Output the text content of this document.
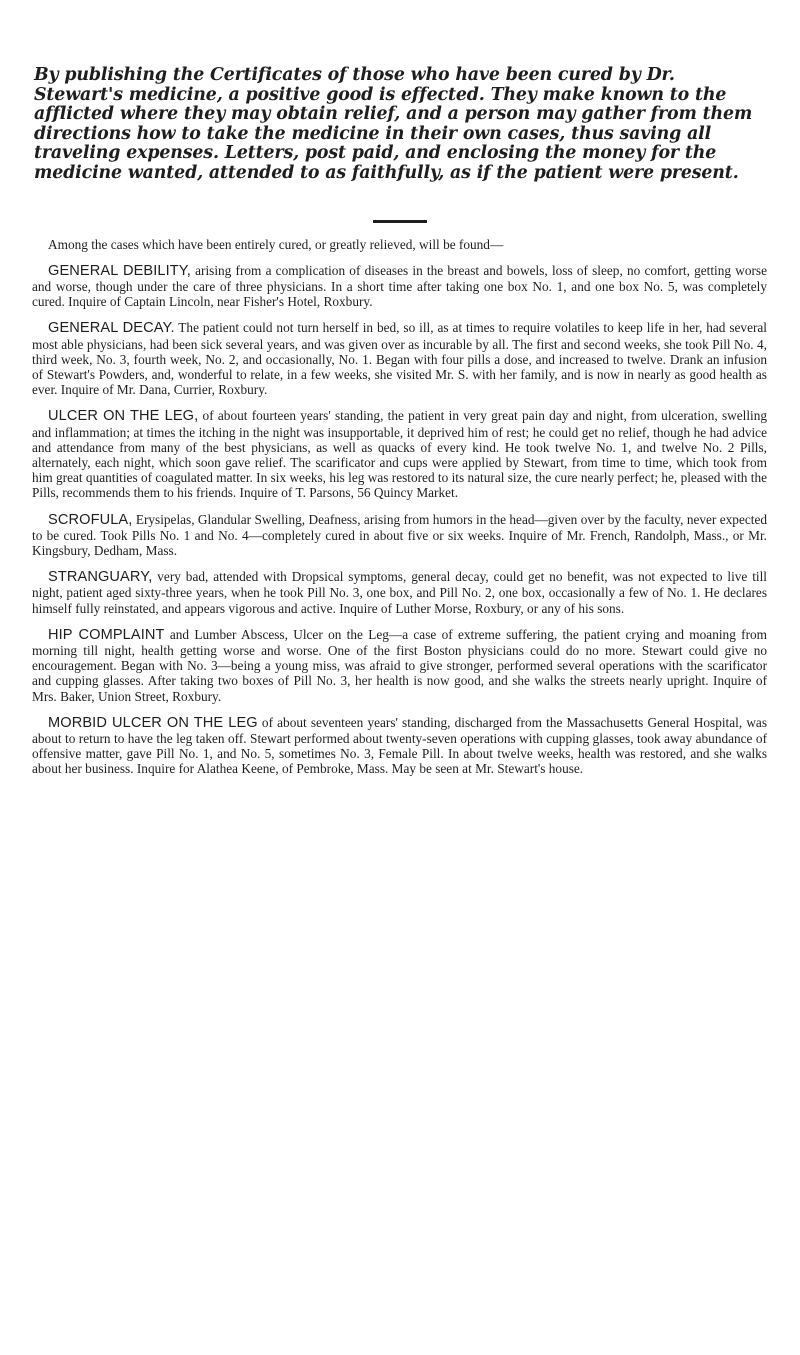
By publishing the Certificates of those who have been cured by Dr. Stewart's medicine, a positive good is effected. They make known to the afflicted where they may obtain relief, and a person may gather from them directions how to take the medicine in their own cases, thus saving all traveling expenses. Letters, post paid, and enclosing the money for the medicine wanted, attended to as faithfully, as if the patient were present.

Among the cases which have been entirely cured, or greatly relieved, will be found—

GENERAL DEBILITY, arising from a complication of diseases in the breast and bowels, loss of sleep, no comfort, getting worse and worse, though under the care of three physicians. In a short time after taking one box No. 1, and one box No. 5, was completely cured. Inquire of Captain Lincoln, near Fisher's Hotel, Roxbury.

GENERAL DECAY. The patient could not turn herself in bed, so ill, as at times to require volatiles to keep life in her, had several most able physicians, had been sick several years, and was given over as incurable by all. The first and second weeks, she took Pill No. 4, third week, No. 3, fourth week, No. 2, and occasionally, No. 1. Began with four pills a dose, and increased to twelve. Drank an infusion of Stewart's Powders, and, wonderful to relate, in a few weeks, she visited Mr. S. with her family, and is now in nearly as good health as ever. Inquire of Mr. Dana, Currier, Roxbury.

ULCER ON THE LEG, of about fourteen years' standing, the patient in very great pain day and night, from ulceration, swelling and inflammation; at times the itching in the night was insupportable, it deprived him of rest; he could get no relief, though he had advice and attendance from many of the best physicians, as well as quacks of every kind. He took twelve No. 1, and twelve No. 2 Pills, alternately, each night, which soon gave relief. The scarificator and cups were applied by Stewart, from time to time, which took from him great quantities of coagulated matter. In six weeks, his leg was restored to its natural size, the cure nearly perfect; he, pleased with the Pills, recommends them to his friends. Inquire of T. Parsons, 56 Quincy Market.

SCROFULA, Erysipelas, Glandular Swelling, Deafness, arising from humors in the head—given over by the faculty, never expected to be cured. Took Pills No. 1 and No. 4—completely cured in about five or six weeks. Inquire of Mr. French, Randolph, Mass., or Mr. Kingsbury, Dedham, Mass.

STRANGUARY, very bad, attended with Dropsical symptoms, general decay, could get no benefit, was not expected to live till night, patient aged sixty-three years, when he took Pill No. 3, one box, and Pill No. 2, one box, occasionally a few of No. 1. He declares himself fully reinstated, and appears vigorous and active. Inquire of Luther Morse, Roxbury, or any of his sons.

HIP COMPLAINT and Lumber Abscess, Ulcer on the Leg—a case of extreme suffering, the patient crying and moaning from morning till night, health getting worse and worse. One of the first Boston physicians could do no more. Stewart could give no encouragement. Began with No. 3—being a young miss, was afraid to give stronger, performed several operations with the scarificator and cupping glasses. After taking two boxes of Pill No. 3, her health is now good, and she walks the streets nearly upright. Inquire of Mrs. Baker, Union Street, Roxbury.

MORBID ULCER ON THE LEG of about seventeen years' standing, discharged from the Massachusetts General Hospital, was about to return to have the leg taken off. Stewart performed about twenty-seven operations with cupping glasses, took away abundance of offensive matter, gave Pill No. 1, and No. 5, sometimes No. 3, Female Pill. In about twelve weeks, health was restored, and she walks about her business. Inquire for Alathea Keene, of Pembroke, Mass. May be seen at Mr. Stewart's house.
